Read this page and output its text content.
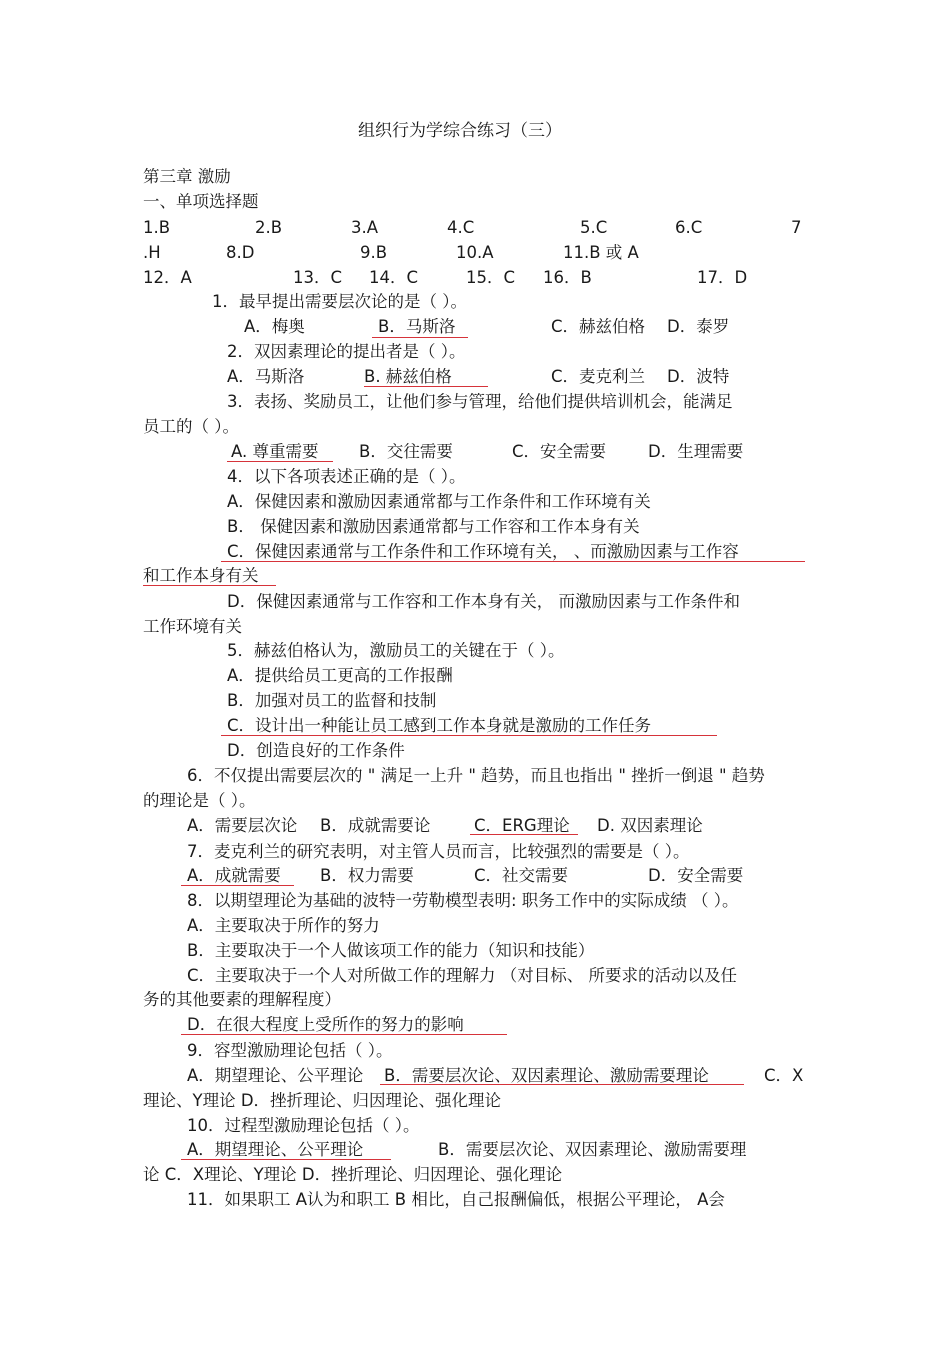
组织行为学综合练习（三）
第三章 激励
一、单项选择题
1.B	2.B	3.A	4.C	5.C	6.C	7
.H	8.D	9.B	10.A	11.B 或 A
12．A	13．C 14．C	15．C 16．B	17．D
1．最早提出需要层次论的是（ ）。
A．梅奥	B．马斯洛	C．赫兹伯格 D．泰罗
2．双因素理论的提出者是（ ）。
A．马斯洛	B. 赫兹伯格	C．麦克利兰 D．波特
3．表扬、奖励员工，让他们参与管理，给他们提供培训机会，能满足
员工的（ ）。
A. 尊重需要 B．交往需要	C．安全需要	D．生理需要
4．以下各项表述正确的是（ ）。
A．保健因素和激励因素通常都与工作条件和工作环境有关
B． 保健因素和激励因素通常都与工作容和工作本身有关
C．保健因素通常与工作条件和工作环境有关， 、而激励因素与工作容
和工作本身有关
D．保健因素通常与工作容和工作本身有关， 而激励因素与工作条件和
工作环境有关
5．赫兹伯格认为，激励员工的关键在于（ ）。
A．提供给员工更高的工作报酬
B．加强对员工的监督和技制
C．设计出一种能让员工感到工作本身就是激励的工作任务
D．创造良好的工作条件
6．不仅提出需要层次的 " 满足一上升 " 趋势，而且也指出 " 挫折一倒退 " 趋势
的理论是（ ）。
A．需要层次论 B．成就需要论	C．ERG理论 D. 双因素理论
7．麦克利兰的研究表明，对主管人员而言，比较强烈的需要是（ ）。
A．成就需要 B．权力需要	C．社交需要	D．安全需要
8．以期望理论为基础的波特一劳勒模型表明: 职务工作中的实际成绩 （ ）。
A．主要取决于所作的努力
B．主要取决于一个人做该项工作的能力（知识和技能）
C．主要取决于一个人对所做工作的理解力 （对目标、 所要求的活动以及任
务的其他要素的理解程度）
D．在很大程度上受所作的努力的影响
9．容型激励理论包括（ ）。
A．期望理论、公平理论 B．需要层次论、双因素理论、激励需要理论	C．X
理论、Y理论 D．挫折理论、归因理论、强化理论
10．过程型激励理论包括（ ）。
A．期望理论、公平理论	B．需要层次论、双因素理论、激励需要理
论 C．X理论、Y理论 D．挫折理论、归因理论、强化理论
11．如果职工 A认为和职工 B 相比，自己报酬偏低，根据公平理论， A会
